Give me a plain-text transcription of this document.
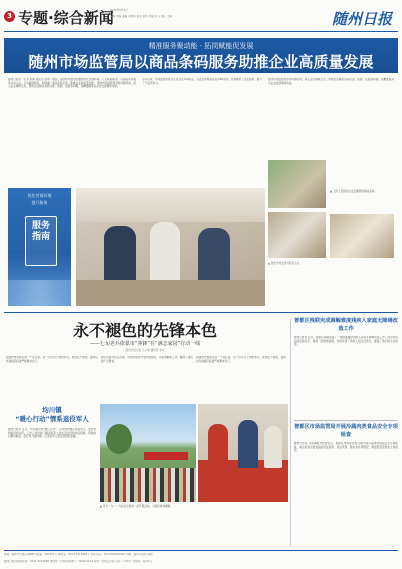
3 专题·综合新闻
2023年6月1日
编辑 刘海 美编 李晓东 校对 黄伟 排版 张飞 责任 王海	随州日报
精准服务聚动能 · 拓岗赋能促发展
随州市场监管局以商品条码服务助推企业高质量发展
随州日报讯（记者 刘海 通讯员 张明）据悉，随州市场监管局聚焦优化营商环境，立足职能职责，以商品条码服务为切入点，主动靠前服务，积极推广商品条码应用，助推企业高质量发展。 随州市场监管局坚持问题导向，深入企业调研走访，帮助企业解决条码注册、续展、变更等问题，以精准服务为企业发展增添动能。
今年以来，市场监管局累计走访企业120余家，为企业办理条码业务80余件，有效降低了企业成本，提升了产品竞争力。
随州市场监管局坚持问题导向，深入企业调研走访，帮助企业解决条码注册、续展、变更等问题，以精准服务为企业发展增添动能。
优化营商环境
提升服务
服务指南
▲ 工作人员指导企业正确使用商品条码。
▲ 随州市场监管局服务企业
永不褪色的先锋本色
——七旬老兵依靠市“冲锋”在“满志家园”行动一线
随州日报记者 王小明 通讯员 李华
在随州市曾都区的一个社区里，有一位年过七旬的老兵，他退伍不褪色，始终以先锋模范标准严格要求自己。
他主动参与社区治理，带领志愿者开展环境整治、邻里调解等工作，赢得了居民的广泛赞誉。
在随州市曾都区的一个社区里，有一位年过七旬的老兵，他退伍不褪色，始终以先锋模范标准严格要求自己。
均川镇
“暖心行动”情系退役军人
随州日报讯 近日，均川镇开展“暖心行动”，走访慰问辖区退役军人，送去党和政府的关怀。工作人员详细了解退役军人的生活状况和实际困难，帮助他们解决就业、医疗等方面问题，让退役军人感受到组织温暖。
▲ 老兵（左一）与社区志愿者一起开展活动，为居民排忧解难。
曾都区残联完成调解难度残疾人家庭无障碍改造工作
随州日报讯 近日，曾都区残联完成了一批困难重度残疾人家庭无障碍改造工作。改造内容包括安装扶手、坡道、防滑地面等，切实改善了残疾人的生活条件，提高了他们的生活质量。
曾都区市场监管局开展冷蔬肉类食品安全专项检查
随州日报讯 为保障群众饮食安全，曾都区市场监管局近期开展冷蔬肉类食品安全专项检查，重点检查冷链食品的进货查验、索证索票、储存条件等情况，督促经营者落实主体责任。
地址：随州市交通大道88号 邮编：441300 订阅电话：0722-3313868 广告许可证：4213004000001 印刷：随州日报社印刷厂
随州日报社新闻热线：0722-3213688 国内统一连续出版物号：CN42-0123 每周一至周五出版 定价：1.00元 零售价：每份1元
